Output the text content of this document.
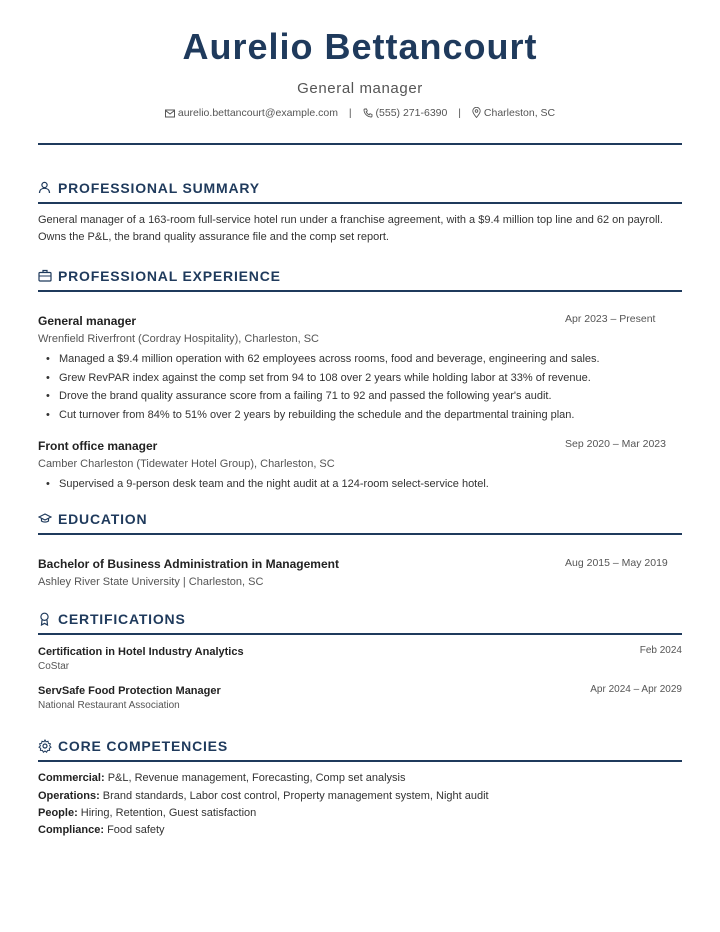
Aurelio Bettancourt
General manager
aurelio.bettancourt@example.com | (555) 271-6390 | Charleston, SC
PROFESSIONAL SUMMARY
General manager of a 163-room full-service hotel run under a franchise agreement, with a $9.4 million top line and 62 on payroll.
Owns the P&L, the brand quality assurance file and the comp set report.
PROFESSIONAL EXPERIENCE
General manager	Apr 2023 – Present
Wrenfield Riverfront (Cordray Hospitality), Charleston, SC
• Managed a $9.4 million operation with 62 employees across rooms, food and beverage, engineering and sales.
• Grew RevPAR index against the comp set from 94 to 108 over 2 years while holding labor at 33% of revenue.
• Drove the brand quality assurance score from a failing 71 to 92 and passed the following year's audit.
• Cut turnover from 84% to 51% over 2 years by rebuilding the schedule and the departmental training plan.
Front office manager	Sep 2020 – Mar 2023
Camber Charleston (Tidewater Hotel Group), Charleston, SC
• Supervised a 9-person desk team and the night audit at a 124-room select-service hotel.
EDUCATION
Bachelor of Business Administration in Management	Aug 2015 – May 2019
Ashley River State University | Charleston, SC
CERTIFICATIONS
Certification in Hotel Industry Analytics	Feb 2024
CoStar
ServSafe Food Protection Manager	Apr 2024 – Apr 2029
National Restaurant Association
CORE COMPETENCIES
Commercial: P&L, Revenue management, Forecasting, Comp set analysis
Operations: Brand standards, Labor cost control, Property management system, Night audit
People: Hiring, Retention, Guest satisfaction
Compliance: Food safety
